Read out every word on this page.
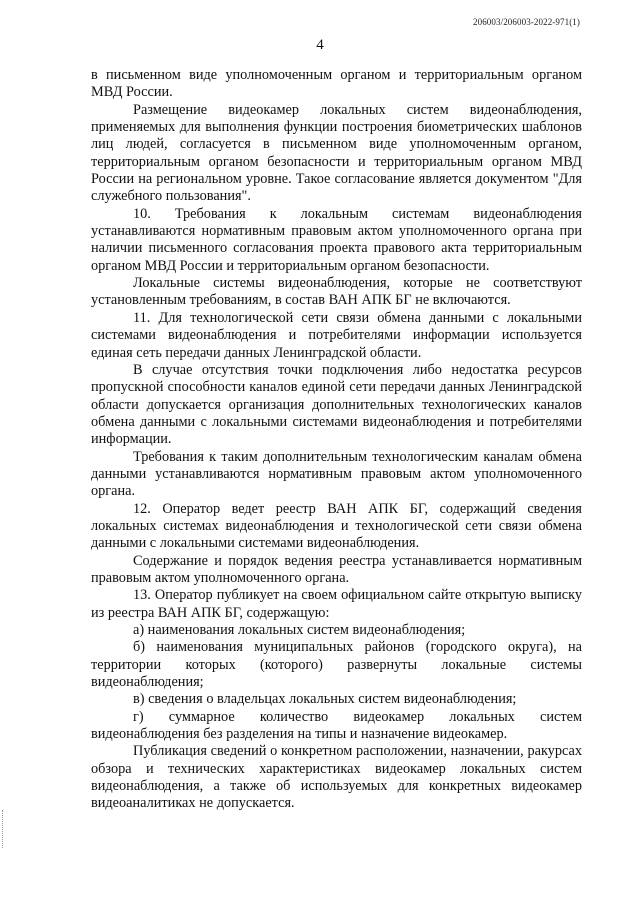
206003/206003-2022-971(1)
4

в письменном виде уполномоченным органом и территориальным органом МВД России.

Размещение видеокамер локальных систем видеонаблюдения, применяемых для выполнения функции построения биометрических шаблонов лиц людей, согласуется в письменном виде уполномоченным органом, территориальным органом безопасности и территориальным органом МВД России на региональном уровне. Такое согласование является документом "Для служебного пользования".

10. Требования к локальным системам видеонаблюдения устанавливаются нормативным правовым актом уполномоченного органа при наличии письменного согласования проекта правового акта территориальным органом МВД России и территориальным органом безопасности.

Локальные системы видеонаблюдения, которые не соответствуют установленным требованиям, в состав ВАН АПК БГ не включаются.

11. Для технологической сети связи обмена данными с локальными системами видеонаблюдения и потребителями информации используется единая сеть передачи данных Ленинградской области.

В случае отсутствия точки подключения либо недостатка ресурсов пропускной способности каналов единой сети передачи данных Ленинградской области допускается организация дополнительных технологических каналов обмена данными с локальными системами видеонаблюдения и потребителями информации.

Требования к таким дополнительным технологическим каналам обмена данными устанавливаются нормативным правовым актом уполномоченного органа.

12. Оператор ведет реестр ВАН АПК БГ, содержащий сведения локальных системах видеонаблюдения и технологической сети связи обмена данными с локальными системами видеонаблюдения.

Содержание и порядок ведения реестра устанавливается нормативным правовым актом уполномоченного органа.

13. Оператор публикует на своем официальном сайте открытую выписку из реестра ВАН АПК БГ, содержащую:

а) наименования локальных систем видеонаблюдения;

б) наименования муниципальных районов (городского округа), на территории которых (которого) развернуты локальные системы видеонаблюдения;

в) сведения о владельцах локальных систем видеонаблюдения;

г) суммарное количество видеокамер локальных систем видеонаблюдения без разделения на типы и назначение видеокамер.

Публикация сведений о конкретном расположении, назначении, ракурсах обзора и технических характеристиках видеокамер локальных систем видеонаблюдения, а также об используемых для конкретных видеокамер видеоаналитиках не допускается.
